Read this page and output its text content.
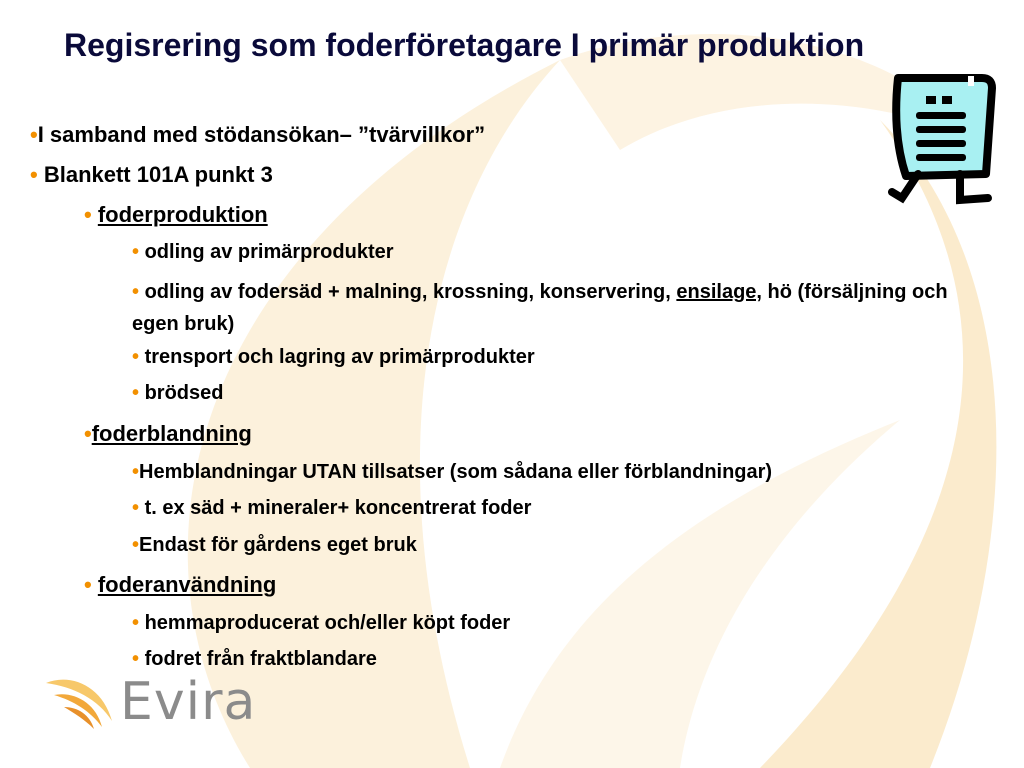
Regisrering som foderföretagare I primär produktion
•I samband med stödansökan– ”tvärvillkor”
• Blankett 101A punkt 3
• foderproduktion
• odling av primärprodukter
• odling av fodersäd + malning, krossning, konservering, ensilage, hö (försäljning och egen bruk)
• trensport och lagring av primärprodukter
• brödsed
•foderblandning
•Hemblandningar UTAN tillsatser (som sådana eller förblandningar)
• t. ex säd + mineraler+ koncentrerat foder
•Endast för gårdens eget bruk
• foderanvändning
• hemmaproducerat och/eller köpt foder
• fodret från fraktblandare
Evira
